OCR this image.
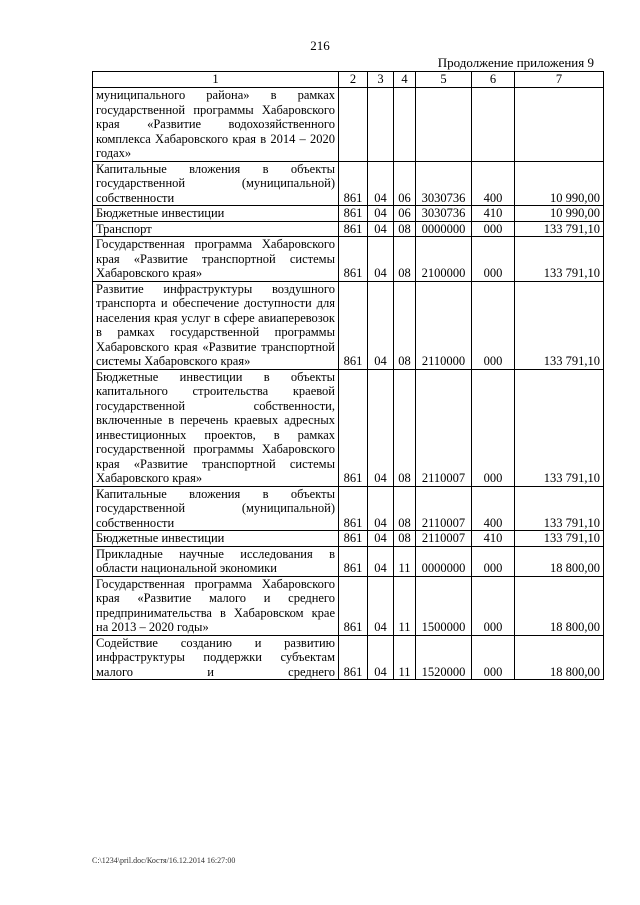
216
Продолжение приложения 9
1	2	3	4	5	6	7
муниципального района» в рамках государственной программы Хабаровского края «Развитие водохозяйственного комплекса Хабаровского края в 2014 – 2020 годах»						
Капитальные вложения в объекты государственной (муниципальной) собственности	861	04	06	3030736	400	10 990,00
Бюджетные инвестиции	861	04	06	3030736	410	10 990,00
Транспорт	861	04	08	0000000	000	133 791,10
Государственная программа Хабаровского края «Развитие транспортной системы Хабаровского края»	861	04	08	2100000	000	133 791,10
Развитие инфраструктуры воздушного транспорта и обеспечение доступности для населения края услуг в сфере авиаперевозок в рамках государственной программы Хабаровского края «Развитие транспортной системы Хабаровского края»	861	04	08	2110000	000	133 791,10
Бюджетные инвестиции в объекты капитального строительства краевой государственной собственности, включенные в перечень краевых адресных инвестиционных проектов, в рамках государственной программы Хабаровского края «Развитие транспортной системы Хабаровского края»	861	04	08	2110007	000	133 791,10
Капитальные вложения в объекты государственной (муниципальной) собственности	861	04	08	2110007	400	133 791,10
Бюджетные инвестиции	861	04	08	2110007	410	133 791,10
Прикладные научные исследования в области национальной экономики	861	04	11	0000000	000	18 800,00
Государственная программа Хабаровского края «Развитие малого и среднего предпринимательства в Хабаровском крае на 2013 – 2020 годы»	861	04	11	1500000	000	18 800,00
Содействие созданию и развитию инфраструктуры поддержки субъектам малого и среднего	861	04	11	1520000	000	18 800,00
C:\1234\pril.doc/Костя/16.12.2014 16:27:00
